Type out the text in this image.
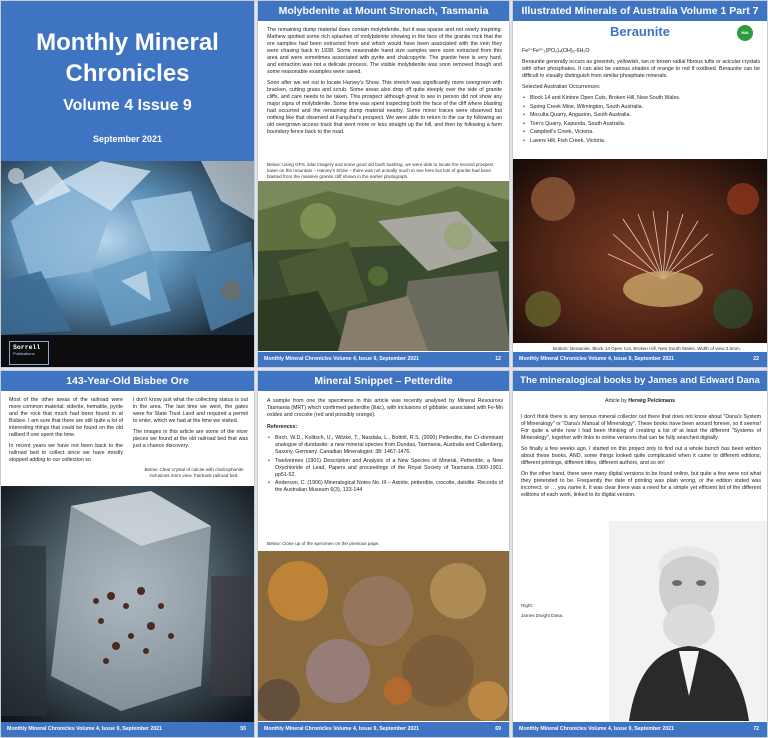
Monthly Mineral
Chronicles
Volume 4 Issue 9
September 2021
Sorrell
Publications
Molybdenite at Mount Stronach, Tasmania

The remaining dump material does contain molybdenite, but it was sparse and not overly inspiring. Mathew spotted some rich splashes of molybdenite showing in the face of the granite rock that the ore samples had been extracted from and which would have been associated with the vein they were chasing back in 1938. Some reasonable hand size samples were soon extracted from this area and were sometimes associated with pyrite and chalcopyrite. The granite here is very hard, and extraction was not a delicate process. The visible molybdenite was soon removed though and some reasonable examples were saved.

Soon after we set out to locate Harvey's Show. This stretch was significantly more overgrown with bracken, cutting grass and scrub. Some areas also drop off quite steeply over the side of granite cliffs, and care needs to be taken. This prospect although great to see in person did not show any major signs of molybdenite. Some time was spent inspecting both the face of the cliff where blasting had occurred and the remaining dump material nearby. Some minor traces were observed but nothing like that observed at Farquhar's prospect. We were able to return to the car by following an old overgrown access track that went more or less straight up the hill, and then by following a farm boundary fence back to the road.

Below: Using GPS, lidar imagery and some good old bush bashing, we were able to locate the second prospect lower on the mountain – Harvey's Show – there was not actually much to see here but lots of granite had been blasted from the massive granite cliff shown in the earlier photograph.
Monthly Mineral Chronicles Volume 4, Issue 9, September 2021	12
Illustrated Minerals of Australia Volume 1 Part 7
Beraunite	IMA
Fe²⁺Fe³⁺₅(PO₄)₄(OH)₅·6H₂O

Beraunite generally occurs as greenish, yellowish, tan or brown radial fibrous tufts or acicular crystals with other phosphates. It can also be various shades of orange to red if oxidised. Beraunite can be difficult to visually distinguish from similar phosphate minerals.

Selected Australian Occurrences:

• Block 14 and Kintore Open Cuts, Broken Hill, New South Wales.
• Spring Creek Mine, Wilmington, South Australia.
• Moculta Quarry, Angaston, South Australia.
• Tom's Quarry, Kapunda, South Australia.
• Campbell's Creek, Victoria.
• Lavers Hill, Fish Creek, Victoria.
Bottom: Beraunite, Block 14 Open Cut, Broken Hill, New South Wales. Width of view 3.5mm.
Monthly Mineral Chronicles Volume 4, Issue 9, September 2021	22
143-Year-Old Bisbee Ore

Most of the other areas of the railroad were more common material: siderite, hematite, pyrite and the rock that much had been found in at Bisbee. I am sure that there are still quite a lot of interesting things that could be found on the old railbed if one spent the time.

In recent years we have not been back to the railroad bed to collect since we have mostly stopped adding to our collection so

I don't know just what the collecting status is out in the area. The last time we went, the gates were for State Trust Land and required a permit to enter, which we had at the time we visited.

The images in this article are some of the nicer pieces we found at the old railroad bed that was just a chance discovery.

Below: Clear crystal of calcite with chalcophanite inclusions 4mm view. Fairbank railroad bed.
Monthly Mineral Chronicles Volume 4, Issue 9, September 2021	55
Mineral Snippet – Petterdite

A sample from one the specimens in this article was recently analysed by Mineral Resources Tasmania (MRT) which confirmed petterdite (lilac), with inclusions of gibbsite; associated with Fe-Mn oxides and crocoite (red and possibly orange).

References:

• Birch, W.D., Kolitsch, U., Witzke, T., Nasdala, L., Bottrill, R.S. (2000) Petterdite, the Cr-dominant analogue of dundasite: a new mineral species from Dundas, Tasmania, Australia and Callenberg, Saxony, Germany. Canadian Mineralogist: 38: 1467-1476.
• Twelvetrees (1901) Description and Analysis of a New Species of Mineral, Petterdite, a New Oxychloride of Lead, Papers and proceedings of the Royal Society of Tasmania 1900-1901. pp51-52.
• Anderson, C. (1906) Mineralogical Notes No. III – Axinite, petterdite, crocoite, datolite. Records of the Australian Museum 6(3), 133-144
Below: Close up of the specimen on the previous page.
Monthly Mineral Chronicles Volume 4, Issue 9, September 2021	69
The mineralogical books by James and Edward Dana
Article by Herwig Pelckmans

I don't think there is any serious mineral collector out there that does not know about "Dana's System of Mineralogy" or "Dana's Manual of Mineralogy". These books have been around forever, so it seems! For quite a while now I had been thinking of creating a list of at least the different "Systems of Mineralogy", together with links to online versions that can be fully searched digitally.

So finally a few weeks ago, I started on this project only to find out a whole bunch has been written about these books, AND, some things looked quite complicated when it came to different editions, different printings, different titles, different authors, and so on!

On the other hand, there were many digital versions to be found online, but quite a few were not what they pretended to be. Frequently the date of printing was plain wrong, or the edition stated was incorrect, or … you name it. It was clear there was a need for a simple yet efficient list of the different editions of each work, linked to its digital version.

Right:
James Dwight Dana.
Monthly Mineral Chronicles Volume 4, Issue 9, September 2021	72
